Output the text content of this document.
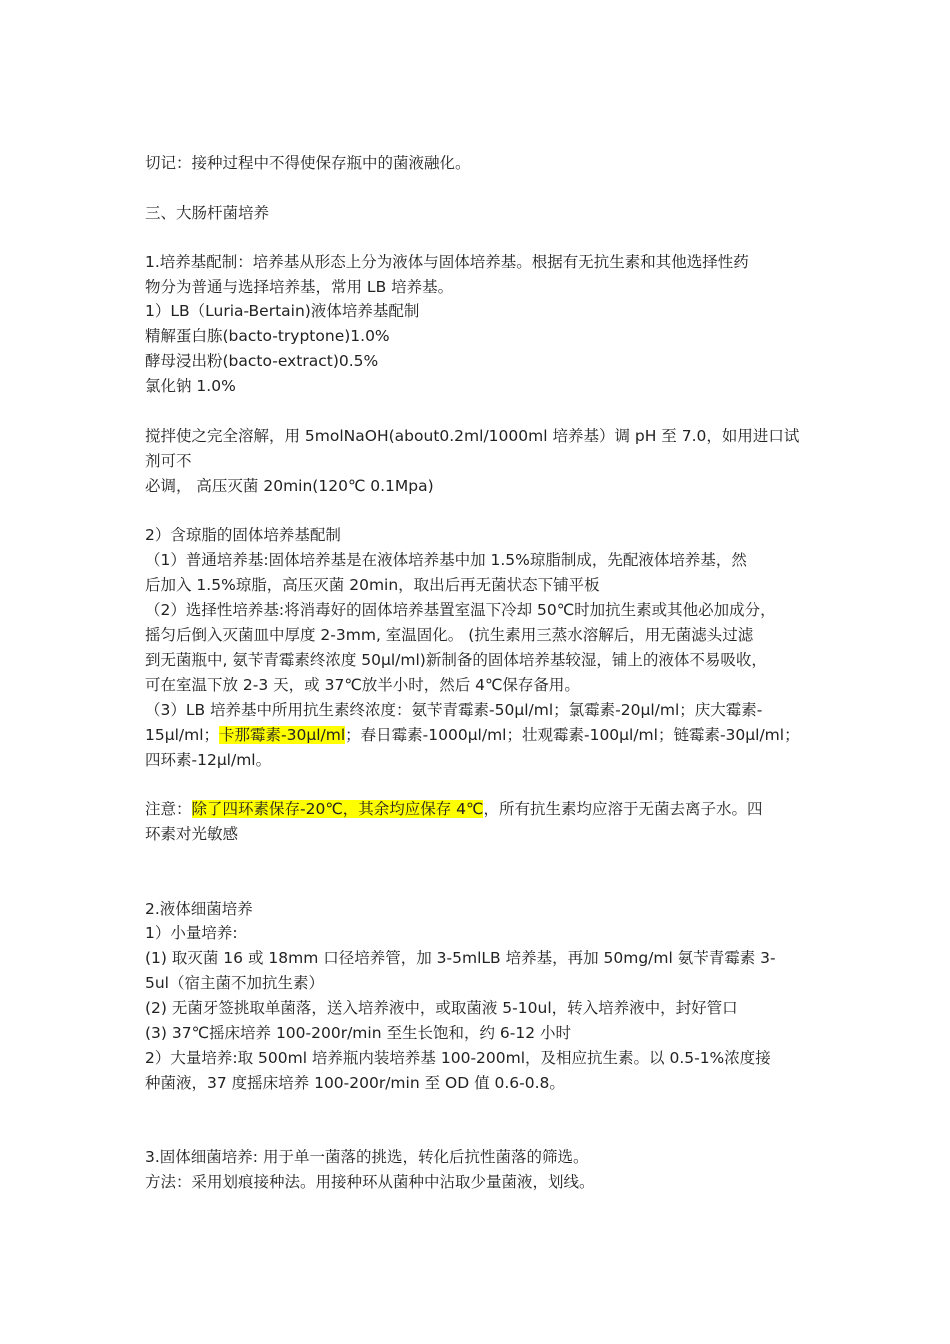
切记：接种过程中不得使保存瓶中的菌液融化。
三、大肠杆菌培养
1.培养基配制：培养基从形态上分为液体与固体培养基。根据有无抗生素和其他选择性药
物分为普通与选择培养基，常用 LB 培养基。
1）LB（Luria-Bertain)液体培养基配制
精解蛋白胨(bacto-tryptone)1.0%
酵母浸出粉(bacto-extract)0.5%
氯化钠 1.0%
搅拌使之完全溶解，用 5molNaOH(about0.2ml/1000ml 培养基）调 pH 至 7.0，如用进口试
剂可不
必调， 高压灭菌 20min(120℃ 0.1Mpa)
2）含琼脂的固体培养基配制
（1）普通培养基:固体培养基是在液体培养基中加 1.5%琼脂制成，先配液体培养基，然
后加入 1.5%琼脂，高压灭菌 20min，取出后再无菌状态下铺平板
（2）选择性培养基:将消毒好的固体培养基置室温下冷却 50℃时加抗生素或其他必加成分，
摇匀后倒入灭菌皿中厚度 2-3mm, 室温固化。 (抗生素用三蒸水溶解后，用无菌滤头过滤
到无菌瓶中, 氨苄青霉素终浓度 50μl/ml)新制备的固体培养基较湿，铺上的液体不易吸收，
可在室温下放 2-3 天，或 37℃放半小时，然后 4℃保存备用。
（3）LB 培养基中所用抗生素终浓度：氨苄青霉素-50μl/ml；氯霉素-20μl/ml；庆大霉素-
15μl/ml；卡那霉素-30μl/ml；春日霉素-1000μl/ml；壮观霉素-100μl/ml；链霉素-30μl/ml；
四环素-12μl/ml。
注意：除了四环素保存-20℃，其余均应保存 4℃，所有抗生素均应溶于无菌去离子水。四
环素对光敏感
2.液体细菌培养
1）小量培养:
(1) 取灭菌 16 或 18mm 口径培养管，加 3-5mlLB 培养基，再加 50mg/ml 氨苄青霉素 3-
5ul（宿主菌不加抗生素）
(2) 无菌牙签挑取单菌落，送入培养液中，或取菌液 5-10ul，转入培养液中，封好管口
(3) 37℃摇床培养 100-200r/min 至生长饱和，约 6-12 小时
2）大量培养:取 500ml 培养瓶内装培养基 100-200ml，及相应抗生素。以 0.5-1%浓度接
种菌液，37 度摇床培养 100-200r/min 至 OD 值 0.6-0.8。
3.固体细菌培养: 用于单一菌落的挑选，转化后抗性菌落的筛选。
方法：采用划痕接种法。用接种环从菌种中沾取少量菌液，划线。
